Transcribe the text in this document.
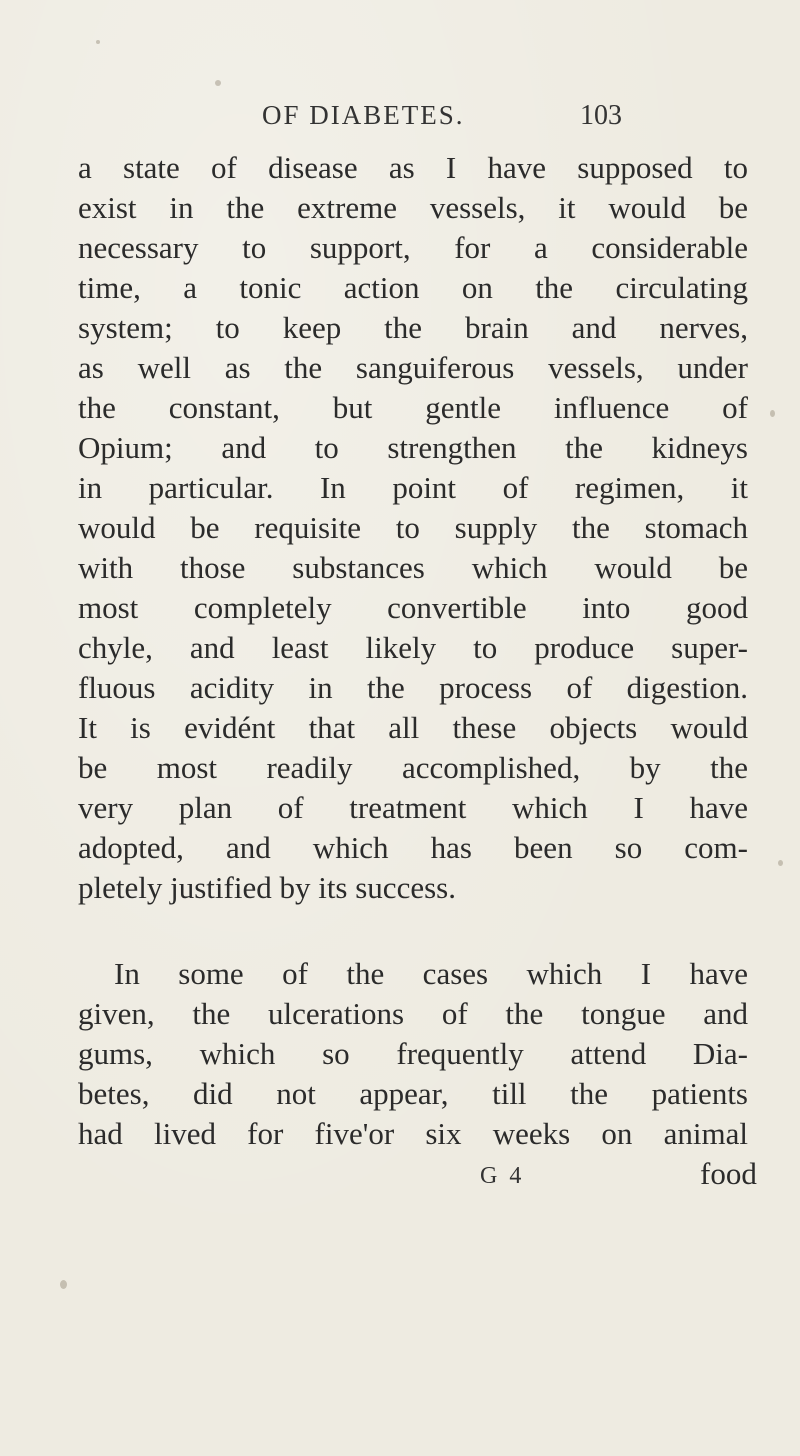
OF DIABETES.	103
a state of disease as I have supposed to
exist in the extreme vessels, it would be
necessary to support, for a considerable
time, a tonic action on the circulating
system; to keep the brain and nerves,
as well as the sanguiferous vessels, under
the constant, but gentle influence of
Opium; and to strengthen the kidneys
in particular. In point of regimen, it
would be requisite to supply the stomach
with those substances which would be
most completely convertible into good
chyle, and least likely to produce super-
fluous acidity in the process of digestion.
It is evidént that all these objects would
be most readily accomplished, by the
very plan of treatment which I have
adopted, and which has been so com-
pletely justified by its success.
In some of the cases which I have
given, the ulcerations of the tongue and
gums, which so frequently attend Dia-
betes, did not appear, till the patients
had lived for five'or six weeks on animal
G 4	food
